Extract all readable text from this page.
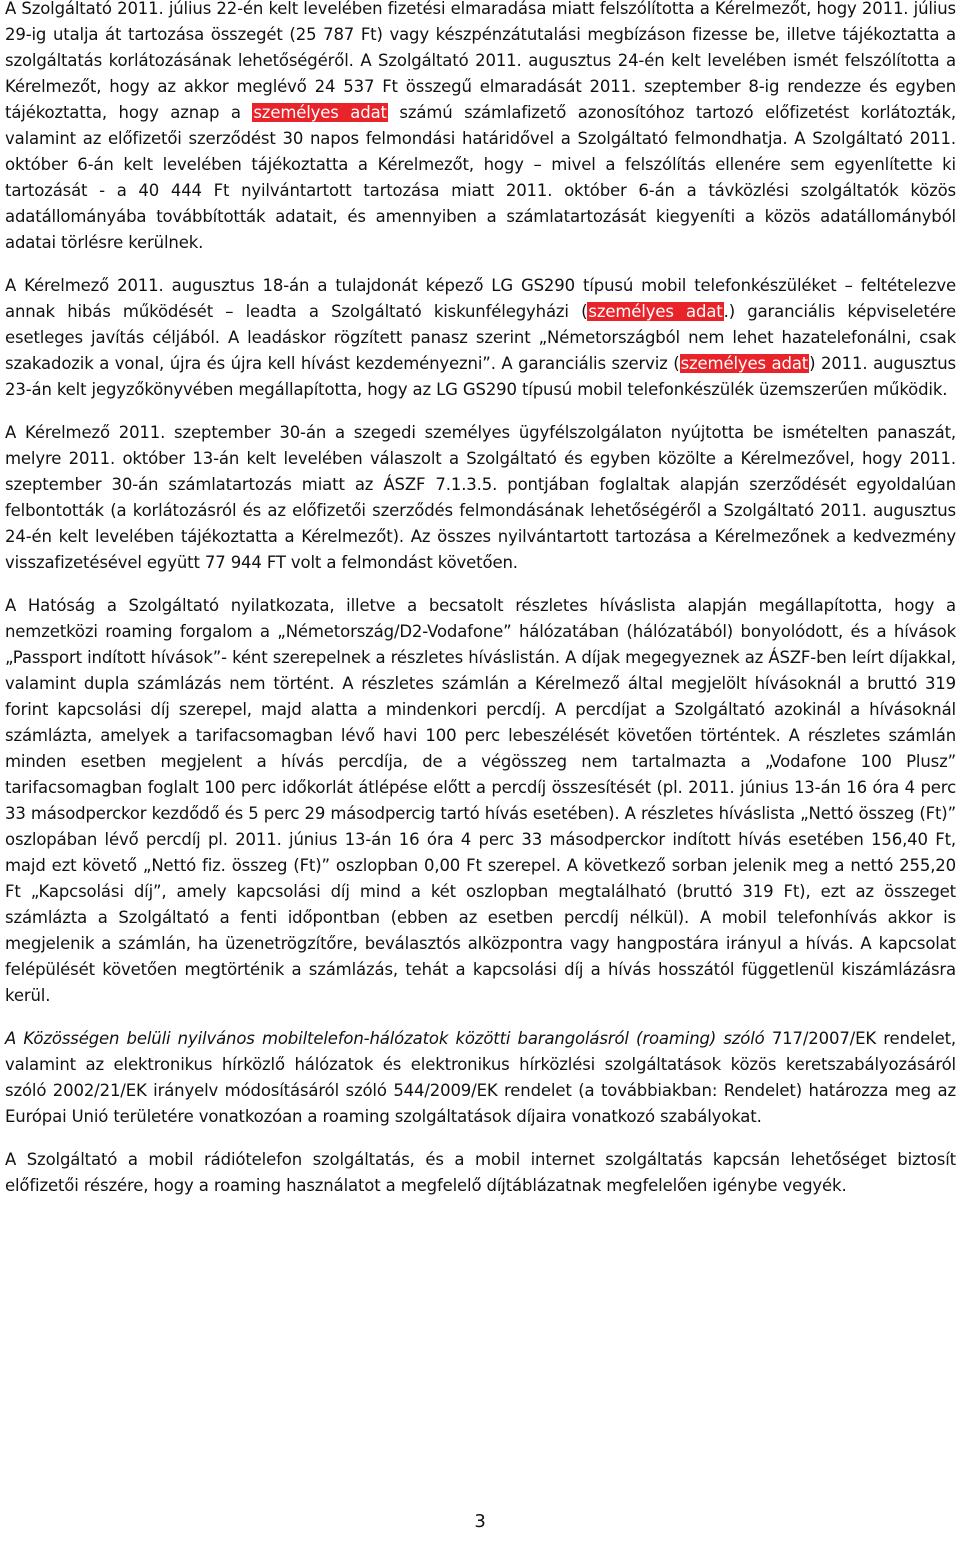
A Szolgáltató 2011. július 22-én kelt levelében fizetési elmaradása miatt felszólította a Kérelmezőt, hogy 2011. július 29-ig utalja át tartozása összegét (25 787 Ft) vagy készpénzátutalási megbízáson fizesse be, illetve tájékoztatta a szolgáltatás korlátozásának lehetőségéről. A Szolgáltató 2011. augusztus 24-én kelt levelében ismét felszólította a Kérelmezőt, hogy az akkor meglévő 24 537 Ft összegű elmaradását 2011. szeptember 8-ig rendezze és egyben tájékoztatta, hogy aznap a személyes adat számú számlafizető azonosítóhoz tartozó előfizetést korlátozták, valamint az előfizetői szerződést 30 napos felmondási határidővel a Szolgáltató felmondhatja. A Szolgáltató 2011. október 6-án kelt levelében tájékoztatta a Kérelmezőt, hogy – mivel a felszólítás ellenére sem egyenlítette ki tartozását - a 40 444 Ft nyilvántartott tartozása miatt 2011. október 6-án a távközlési szolgáltatók közös adatállományába továbbították adatait, és amennyiben a számlatartozását kiegyeníti a közös adatállományból adatai törlésre kerülnek.

A Kérelmező 2011. augusztus 18-án a tulajdonát képező LG GS290 típusú mobil telefonkészüléket – feltételezve annak hibás működését – leadta a Szolgáltató kiskunfélegyházi (személyes adat.) garanciális képviseletére esetleges javítás céljából. A leadáskor rögzített panasz szerint „Németországból nem lehet hazatelefonálni, csak szakadozik a vonal, újra és újra kell hívást kezdeményezni”. A garanciális szerviz (személyes adat) 2011. augusztus 23-án kelt jegyzőkönyvében megállapította, hogy az LG GS290 típusú mobil telefonkészülék üzemszerűen működik.

A Kérelmező 2011. szeptember 30-án a szegedi személyes ügyfélszolgálaton nyújtotta be ismételten panaszát, melyre 2011. október 13-án kelt levelében válaszolt a Szolgáltató és egyben közölte a Kérelmezővel, hogy 2011. szeptember 30-án számlatartozás miatt az ÁSZF 7.1.3.5. pontjában foglaltak alapján szerződését egyoldalúan felbontották (a korlátozásról és az előfizetői szerződés felmondásának lehetőségéről a Szolgáltató 2011. augusztus 24-én kelt levelében tájékoztatta a Kérelmezőt). Az összes nyilvántartott tartozása a Kérelmezőnek a kedvezmény visszafizetésével együtt 77 944 FT volt a felmondást követően.

A Hatóság a Szolgáltató nyilatkozata, illetve a becsatolt részletes híváslista alapján megállapította, hogy a nemzetközi roaming forgalom a „Németország/D2-Vodafone” hálózatában (hálózatából) bonyolódott, és a hívások „Passport indított hívások”- ként szerepelnek a részletes híváslistán. A díjak megegyeznek az ÁSZF-ben leírt díjakkal, valamint dupla számlázás nem történt. A részletes számlán a Kérelmező által megjelölt hívásoknál a bruttó 319 forint kapcsolási díj szerepel, majd alatta a mindenkori percdíj. A percdíjat a Szolgáltató azokinál a hívásoknál számlázta, amelyek a tarifacsomagban lévő havi 100 perc lebeszélését követően történtek. A részletes számlán minden esetben megjelent a hívás percdíja, de a végösszeg nem tartalmazta a „Vodafone 100 Plusz” tarifacsomagban foglalt 100 perc időkorlát átlépése előtt a percdíj összesítését (pl. 2011. június 13-án 16 óra 4 perc 33 másodperckor kezdődő és 5 perc 29 másodpercig tartó hívás esetében). A részletes híváslista „Nettó összeg (Ft)” oszlopában lévő percdíj pl. 2011. június 13-án 16 óra 4 perc 33 másodperckor indított hívás esetében 156,40 Ft, majd ezt követő „Nettó fiz. összeg (Ft)” oszlopban 0,00 Ft szerepel. A következő sorban jelenik meg a nettó 255,20 Ft „Kapcsolási díj”, amely kapcsolási díj mind a két oszlopban megtalálható (bruttó 319 Ft), ezt az összeget számlázta a Szolgáltató a fenti időpontban (ebben az esetben percdíj nélkül). A mobil telefonhívás akkor is megjelenik a számlán, ha üzenetrögzítőre, beválasztós alközpontra vagy hangpostára irányul a hívás. A kapcsolat felépülését követően megtörténik a számlázás, tehát a kapcsolási díj a hívás hosszától függetlenül kiszámlázásra kerül.

A Közösségen belüli nyilvános mobiltelefon-hálózatok közötti barangolásról (roaming) szóló 717/2007/EK rendelet, valamint az elektronikus hírközlő hálózatok és elektronikus hírközlési szolgáltatások közös keretszabályozásáról szóló 2002/21/EK irányelv módosításáról szóló 544/2009/EK rendelet (a továbbiakban: Rendelet) határozza meg az Európai Unió területére vonatkozóan a roaming szolgáltatások díjaira vonatkozó szabályokat.

A Szolgáltató a mobil rádiótelefon szolgáltatás, és a mobil internet szolgáltatás kapcsán lehetőséget biztosít előfizetői részére, hogy a roaming használatot a megfelelő díjtáblázatnak megfelelően igénybe vegyék.

3
